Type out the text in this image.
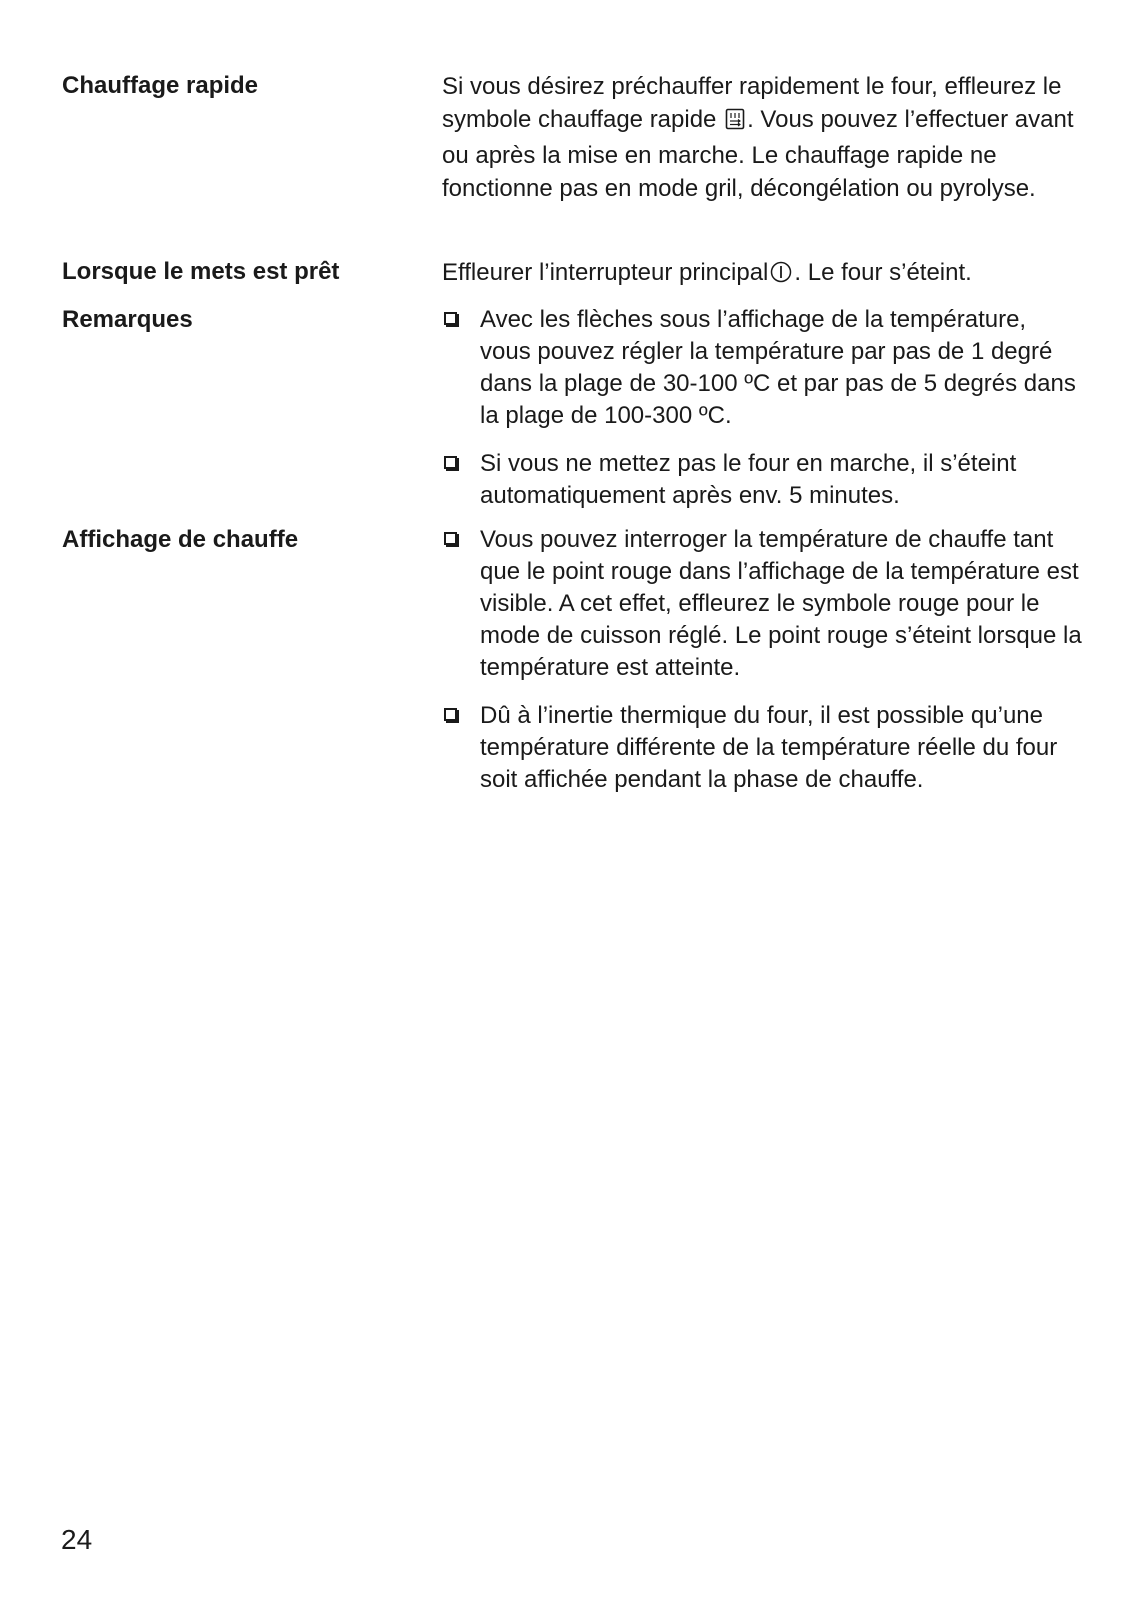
Chauffage rapide	Si vous désirez préchauffer rapidement le four, effleurez le symbole chauffage rapide . Vous pouvez l’effectuer avant ou après la mise en marche. Le chauffage rapide ne fonctionne pas en mode gril, décongélation ou pyrolyse.

Lorsque le mets est prêt	Effleurer l’interrupteur principal . Le four s’éteint.

Remarques	Avec les flèches sous l’affichage de la température, vous pouvez régler la température par pas de 1 degré dans la plage de 30-100 ºC et par pas de 5 degrés dans la plage de 100-300 ºC.
Si vous ne mettez pas le four en marche, il s’éteint automatiquement après env. 5 minutes.
Affichage de chauffe	Vous pouvez interroger la température de chauffe tant que le point rouge dans l’affichage de la température est visible. A cet effet, effleurez le symbole rouge pour le mode de cuisson réglé. Le point rouge s’éteint lorsque la température est atteinte.
Dû à l’inertie thermique du four, il est possible qu’une température différente de la température réelle du four soit affichée pendant la phase de chauffe.
24
